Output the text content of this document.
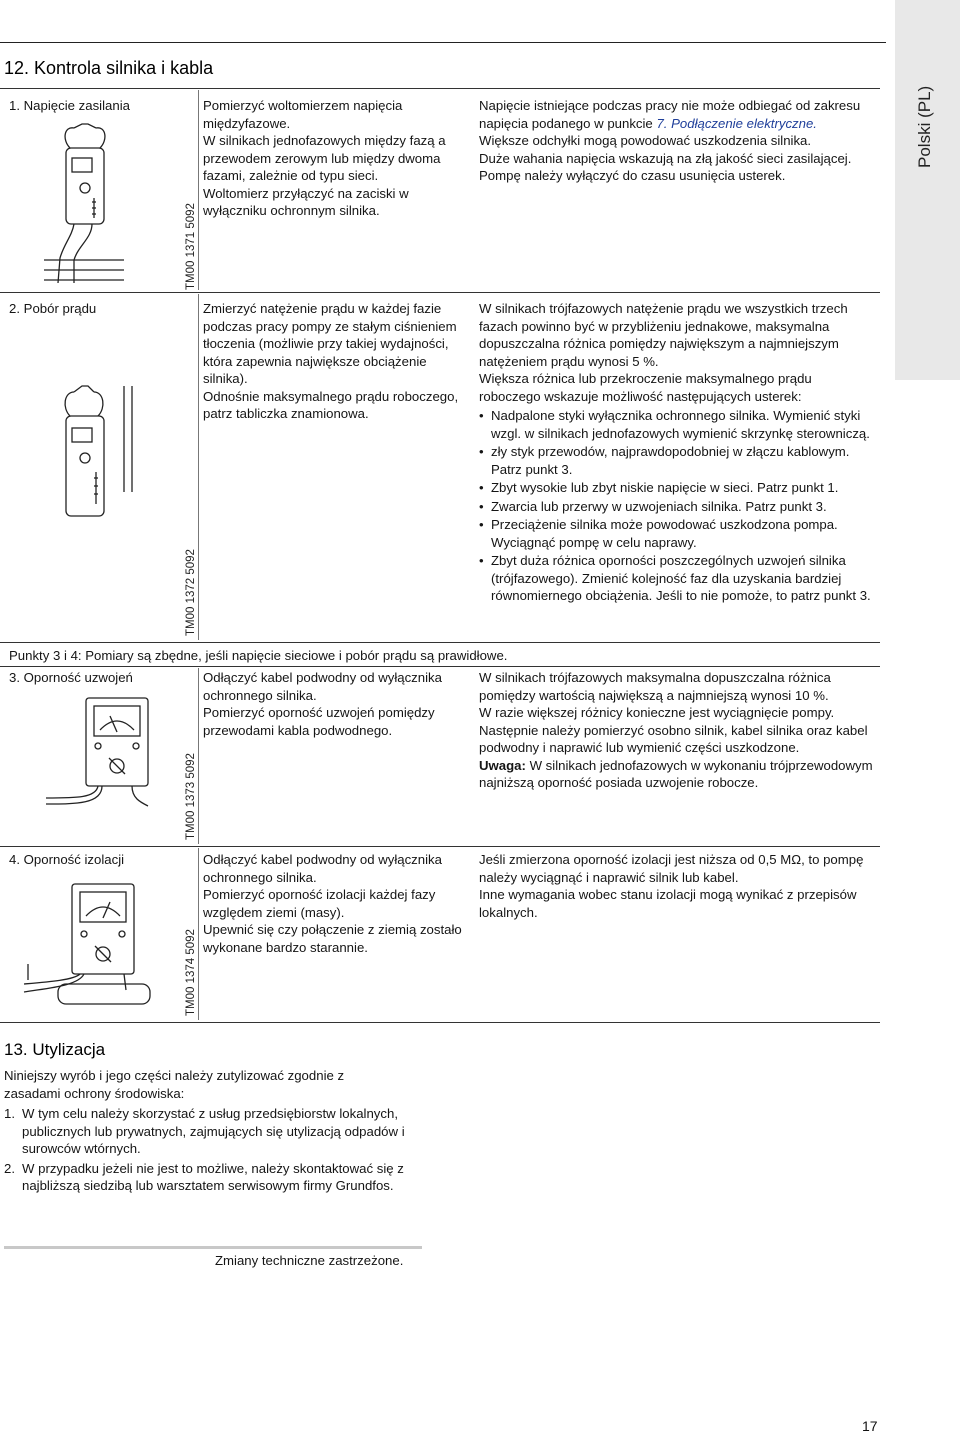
Polski (PL)
12. Kontrola silnika i kabla
1. Napięcie zasilania
TM00 1371 5092
Pomierzyć woltomierzem napięcia międzyfazowe.
W silnikach jednofazowych między fazą a przewodem zerowym lub między dwoma fazami, zależnie od typu sieci.
Woltomierz przyłączyć na zaciski w wyłączniku ochronnym silnika.
Napięcie istniejące podczas pracy nie może odbiegać od zakresu napięcia podanego w punkcie 7. Podłączenie elektryczne.
Większe odchyłki mogą powodować uszkodzenia silnika.
Duże wahania napięcia wskazują na złą jakość sieci zasilającej. Pompę należy wyłączyć do czasu usunięcia usterek.
2. Pobór prądu
TM00 1372 5092
Zmierzyć natężenie prądu w każdej fazie podczas pracy pompy ze stałym ciśnieniem tłoczenia (możliwie przy takiej wydajności, która zapewnia największe obciążenie silnika).
Odnośnie maksymalnego prądu roboczego, patrz tabliczka znamionowa.
W silnikach trójfazowych natężenie prądu we wszystkich trzech fazach powinno być w przybliżeniu jednakowe, maksymalna dopuszczalna różnica pomiędzy największym a najmniejszym natężeniem prądu wynosi 5 %.
Większa różnica lub przekroczenie maksymalnego prądu roboczego wskazuje możliwość następujących usterek:
• Nadpalone styki wyłącznika ochronnego silnika. Wymienić styki wzgl. w silnikach jednofazowych wymienić skrzynkę sterowniczą.
• zły styk przewodów, najprawdopodobniej w złączu kablowym. Patrz punkt 3.
• Zbyt wysokie lub zbyt niskie napięcie w sieci. Patrz punkt 1.
• Zwarcia lub przerwy w uzwojeniach silnika. Patrz punkt 3.
• Przeciążenie silnika może powodować uszkodzona pompa. Wyciągnąć pompę w celu naprawy.
• Zbyt duża różnica oporności poszczególnych uzwojeń silnika (trójfazowego). Zmienić kolejność faz dla uzyskania bardziej równomiernego obciążenia. Jeśli to nie pomoże, to patrz punkt 3.
Punkty 3 i 4: Pomiary są zbędne, jeśli napięcie sieciowe i pobór prądu są prawidłowe.
3. Oporność uzwojeń
TM00 1373 5092
Odłączyć kabel podwodny od wyłącznika ochronnego silnika.
Pomierzyć oporność uzwojeń pomiędzy przewodami kabla podwodnego.
W silnikach trójfazowych maksymalna dopuszczalna różnica pomiędzy wartością największą a najmniejszą wynosi 10 %.
W razie większej różnicy konieczne jest wyciągnięcie pompy. Następnie należy pomierzyć osobno silnik, kabel silnika oraz kabel podwodny i naprawić lub wymienić części uszkodzone.
Uwaga: W silnikach jednofazowych w wykonaniu trójprzewodowym najniższą oporność posiada uzwojenie robocze.
4. Oporność izolacji
TM00 1374 5092
Odłączyć kabel podwodny od wyłącznika ochronnego silnika.
Pomierzyć oporność izolacji każdej fazy względem ziemi (masy).
Upewnić się czy połączenie z ziemią zostało wykonane bardzo starannie.
Jeśli zmierzona oporność izolacji jest niższa od 0,5 MΩ, to pompę należy wyciągnąć i naprawić silnik lub kabel.
Inne wymagania wobec stanu izolacji mogą wynikać z przepisów lokalnych.
13. Utylizacja
Niniejszy wyrób i jego części należy zutylizować zgodnie z zasadami ochrony środowiska:
1. W tym celu należy skorzystać z usług przedsiębiorstw lokalnych, publicznych lub prywatnych, zajmujących się utylizacją odpadów i surowców wtórnych.
2. W przypadku jeżeli nie jest to możliwe, należy skontaktować się z najbliższą siedzibą lub warsztatem serwisowym firmy Grundfos.
Zmiany techniczne zastrzeżone.
17
